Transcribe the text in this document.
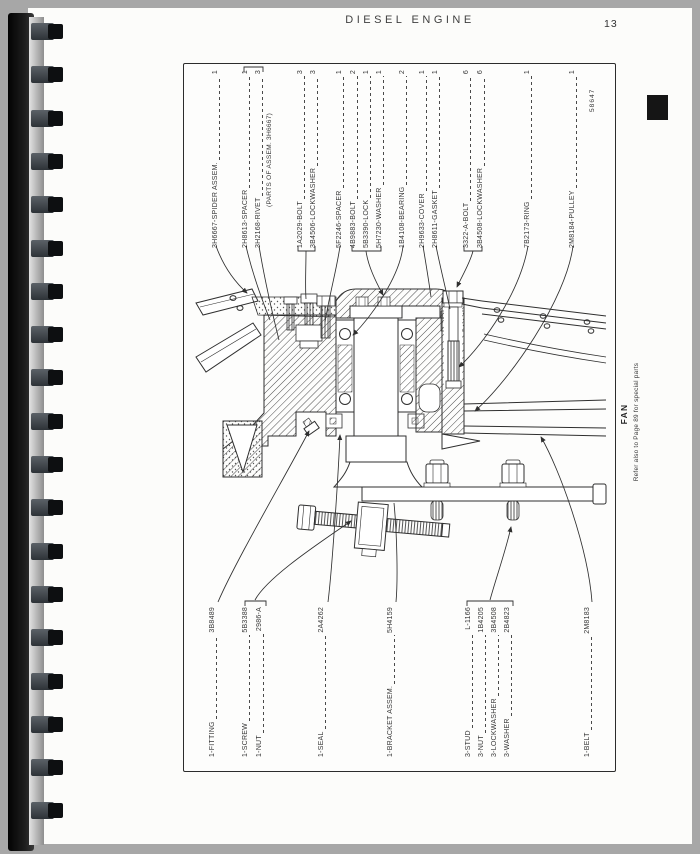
DIESEL ENGINE	13
3H6667-SPIDER ASSEM.
1
2H8613-SPACER
1
3H2168-RIVET
3
(PARTS OF ASSEM. 3H6667)
1A2029-BOLT
3
3B4506-LOCKWASHER
3
5F2246-SPACER
1
4B9883-BOLT
2
5B3390-LOCK
1
5H7230-WASHER
1
1B4108-BEARING
2
2H9633-COVER
1
2H8611-GASKET
1
3322-A-BOLT
6
3B4508-LOCKWASHER
6
7B2173-RING
1
2M8184-PULLEY
1
58647
1-FITTING
3B8489
1-SCREW
5B3388
1-NUT
2986-A
1-SEAL
2A4262
1-BRACKET ASSEM.
5H4159
3-STUD
L-1166
3-NUT
1B4205
3-LOCKWASHER
3B4508
3-WASHER
2B4823
1-BELT
2M8183
FAN Refer also to Page 89 for special parts
